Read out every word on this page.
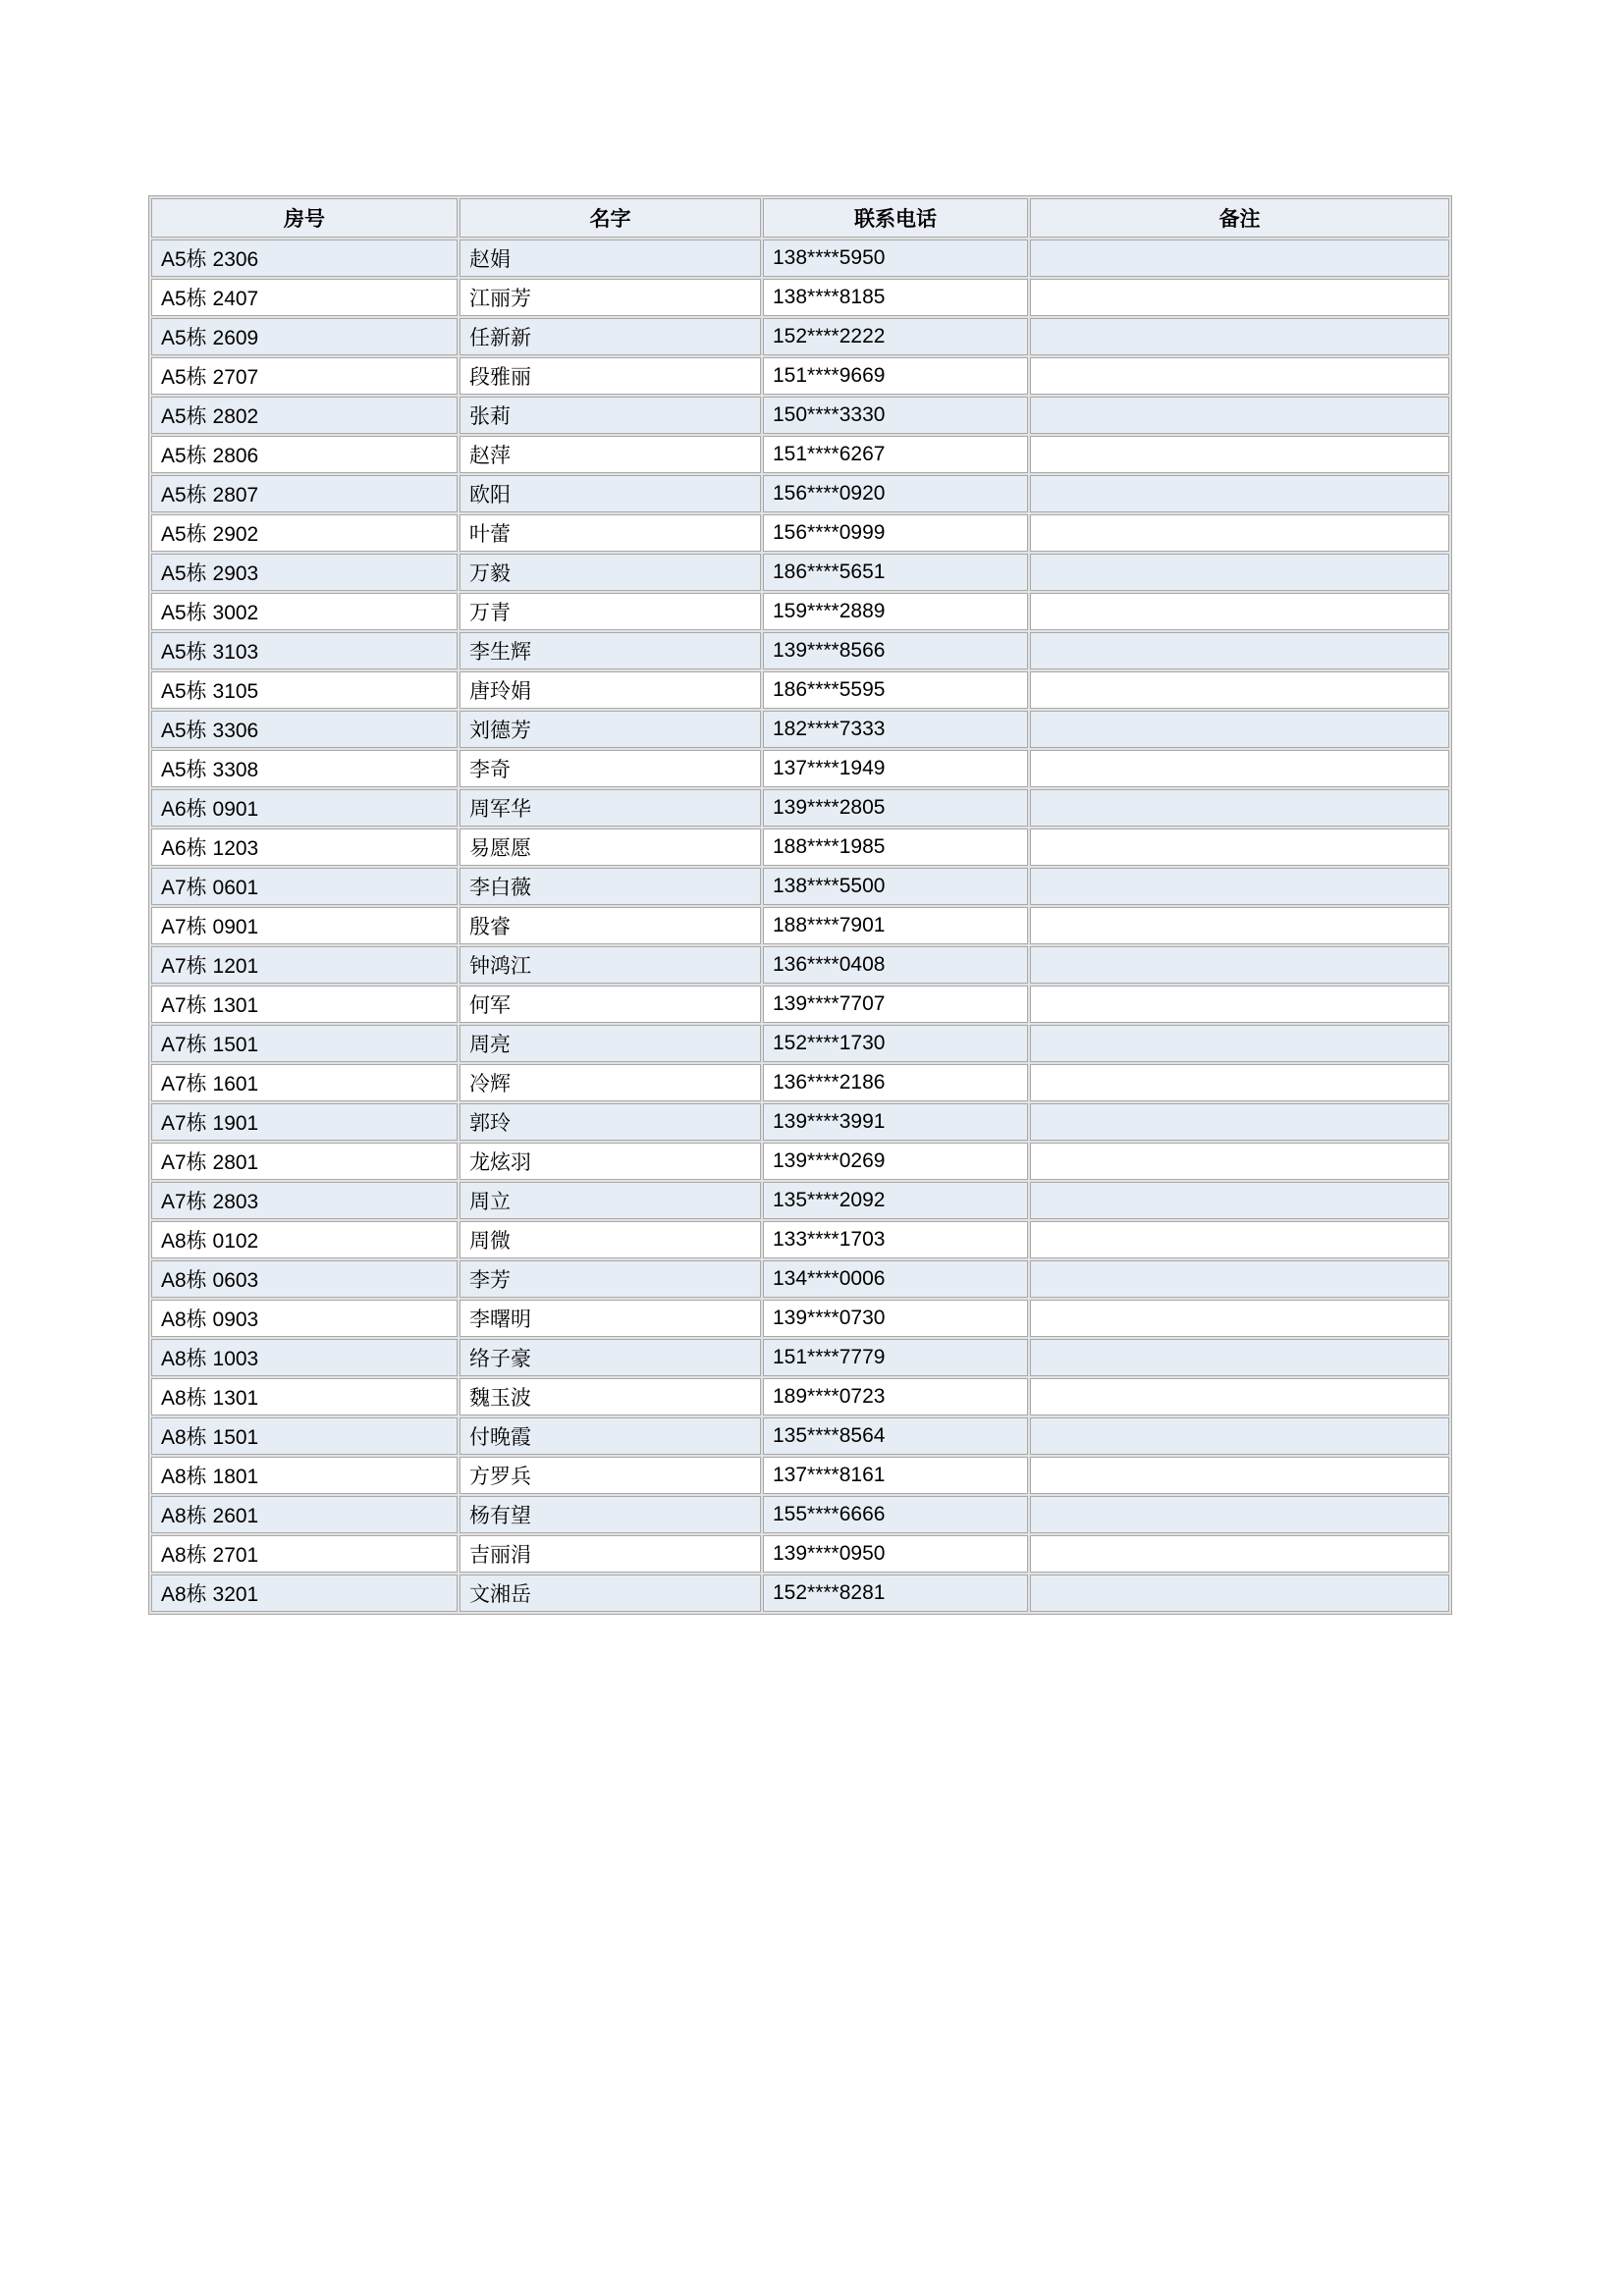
房号	名字	联系电话	备注
A5栋 2306	赵娟	138****5950	
A5栋 2407	江丽芳	138****8185	
A5栋 2609	任新新	152****2222	
A5栋 2707	段雅丽	151****9669	
A5栋 2802	张莉	150****3330	
A5栋 2806	赵萍	151****6267	
A5栋 2807	欧阳	156****0920	
A5栋 2902	叶蕾	156****0999	
A5栋 2903	万毅	186****5651	
A5栋 3002	万青	159****2889	
A5栋 3103	李生辉	139****8566	
A5栋 3105	唐玲娟	186****5595	
A5栋 3306	刘德芳	182****7333	
A5栋 3308	李奇	137****1949	
A6栋 0901	周军华	139****2805	
A6栋 1203	易愿愿	188****1985	
A7栋 0601	李白薇	138****5500	
A7栋 0901	殷睿	188****7901	
A7栋 1201	钟鸿江	136****0408	
A7栋 1301	何军	139****7707	
A7栋 1501	周亮	152****1730	
A7栋 1601	冷辉	136****2186	
A7栋 1901	郭玲	139****3991	
A7栋 2801	龙炫羽	139****0269	
A7栋 2803	周立	135****2092	
A8栋 0102	周微	133****1703	
A8栋 0603	李芳	134****0006	
A8栋 0903	李曙明	139****0730	
A8栋 1003	络子豪	151****7779	
A8栋 1301	魏玉波	189****0723	
A8栋 1501	付晚霞	135****8564	
A8栋 1801	方罗兵	137****8161	
A8栋 2601	杨有望	155****6666	
A8栋 2701	吉丽涓	139****0950	
A8栋 3201	文湘岳	152****8281	
